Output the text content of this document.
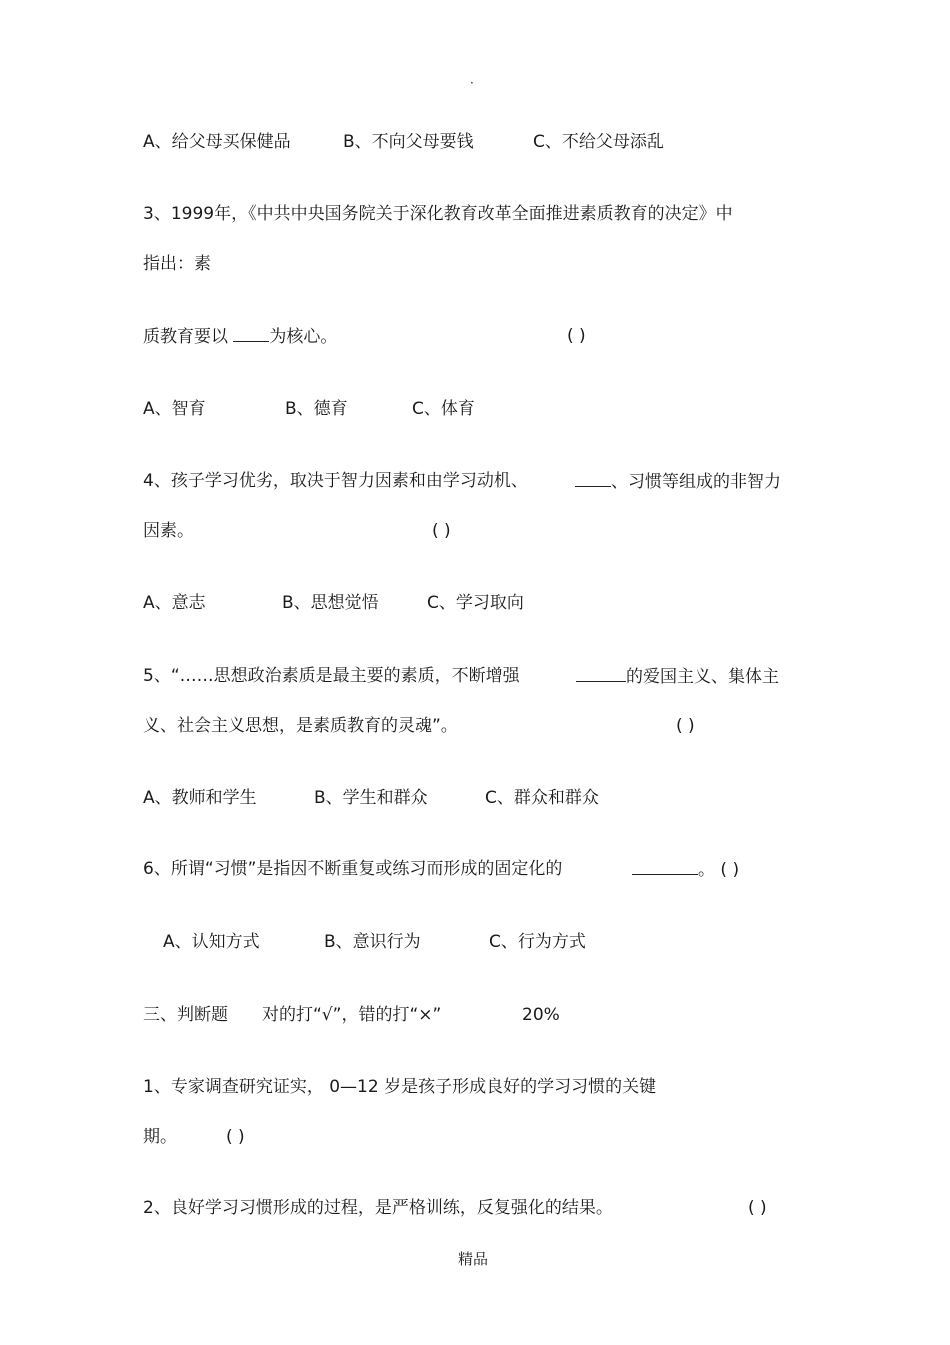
·
A、给父母买保健品	B、不向父母要钱	C、不给父母添乱
3、1999年，《中共中央国务院关于深化教育改革全面推进素质教育的决定》中
指出：素
质教育要以 为核心。	( )
A、智育	B、德育	C、体育
4、孩子学习优劣，取决于智力因素和由学习动机、	、习惯等组成的非智力
因素。	( )
A、意志	B、思想觉悟	C、学习取向
5、“……思想政治素质是最主要的素质，不断增强	的爱国主义、集体主
义、社会主义思想，是素质教育的灵魂”。	( )
A、教师和学生	B、学生和群众	C、群众和群众
6、所谓“习惯”是指因不断重复或练习而形成的固定化的	。 ( )
A、认知方式	B、意识行为	C、行为方式
三、判断题 对的打“√”，错的打“×”	20%
1、专家调查研究证实， 0—12 岁是孩子形成良好的学习习惯的关键
期。	( )
2、良好学习习惯形成的过程，是严格训练，反复强化的结果。	( )
精品
